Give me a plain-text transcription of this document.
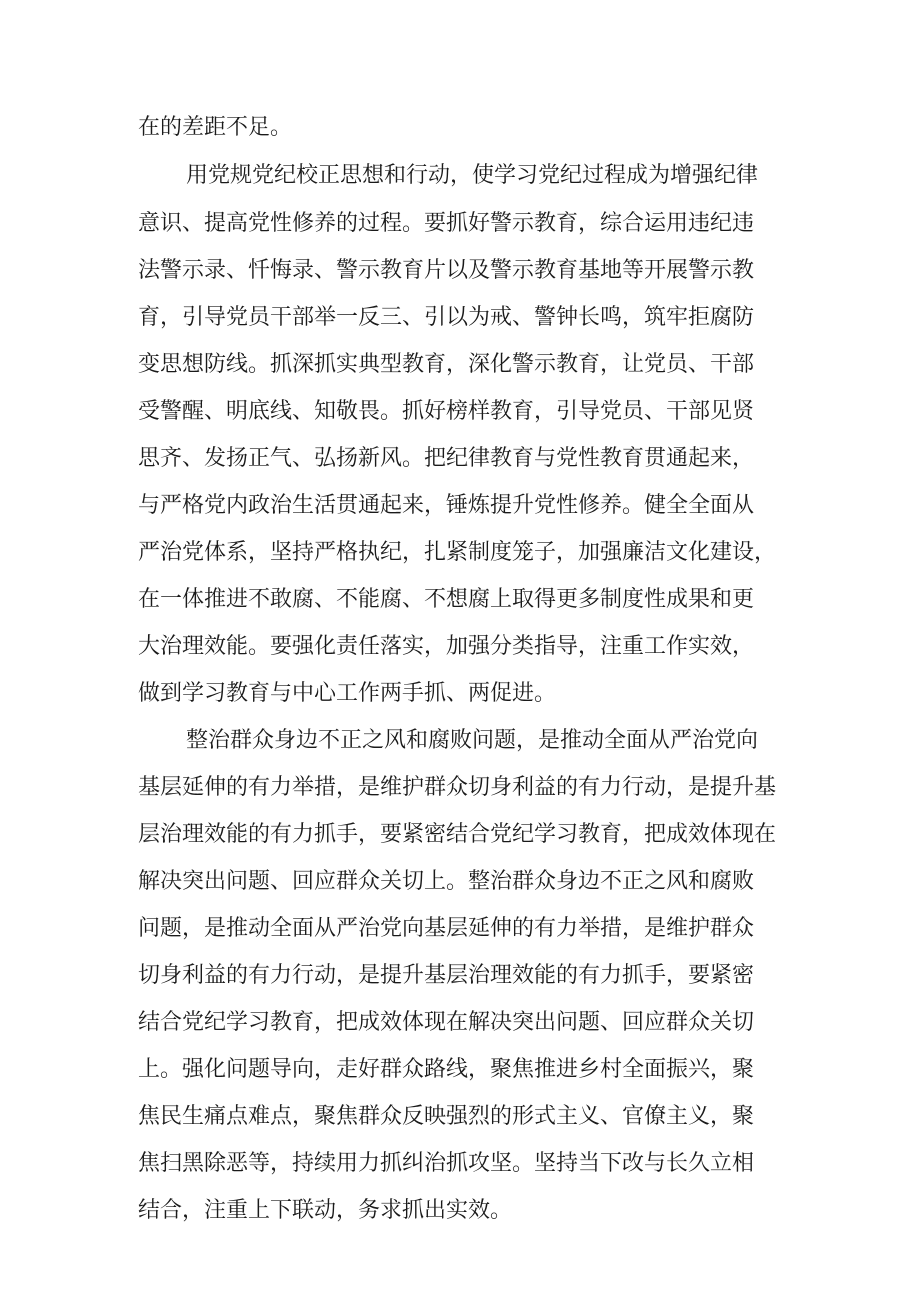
在的差距不足。
用党规党纪校正思想和行动，使学习党纪过程成为增强纪律
意识、提高党性修养的过程。要抓好警示教育，综合运用违纪违
法警示录、忏悔录、警示教育片以及警示教育基地等开展警示教
育，引导党员干部举一反三、引以为戒、警钟长鸣，筑牢拒腐防
变思想防线。抓深抓实典型教育，深化警示教育，让党员、干部
受警醒、明底线、知敬畏。抓好榜样教育，引导党员、干部见贤
思齐、发扬正气、弘扬新风。把纪律教育与党性教育贯通起来，
与严格党内政治生活贯通起来，锤炼提升党性修养。健全全面从
严治党体系，坚持严格执纪，扎紧制度笼子，加强廉洁文化建设，
在一体推进不敢腐、不能腐、不想腐上取得更多制度性成果和更
大治理效能。要强化责任落实，加强分类指导，注重工作实效，
做到学习教育与中心工作两手抓、两促进。
整治群众身边不正之风和腐败问题，是推动全面从严治党向
基层延伸的有力举措，是维护群众切身利益的有力行动，是提升基
层治理效能的有力抓手，要紧密结合党纪学习教育，把成效体现在
解决突出问题、回应群众关切上。整治群众身边不正之风和腐败
问题，是推动全面从严治党向基层延伸的有力举措，是维护群众
切身利益的有力行动，是提升基层治理效能的有力抓手，要紧密
结合党纪学习教育，把成效体现在解决突出问题、回应群众关切
上。强化问题导向，走好群众路线，聚焦推进乡村全面振兴，聚
焦民生痛点难点，聚焦群众反映强烈的形式主义、官僚主义，聚
焦扫黑除恶等，持续用力抓纠治抓攻坚。坚持当下改与长久立相
结合，注重上下联动，务求抓出实效。
